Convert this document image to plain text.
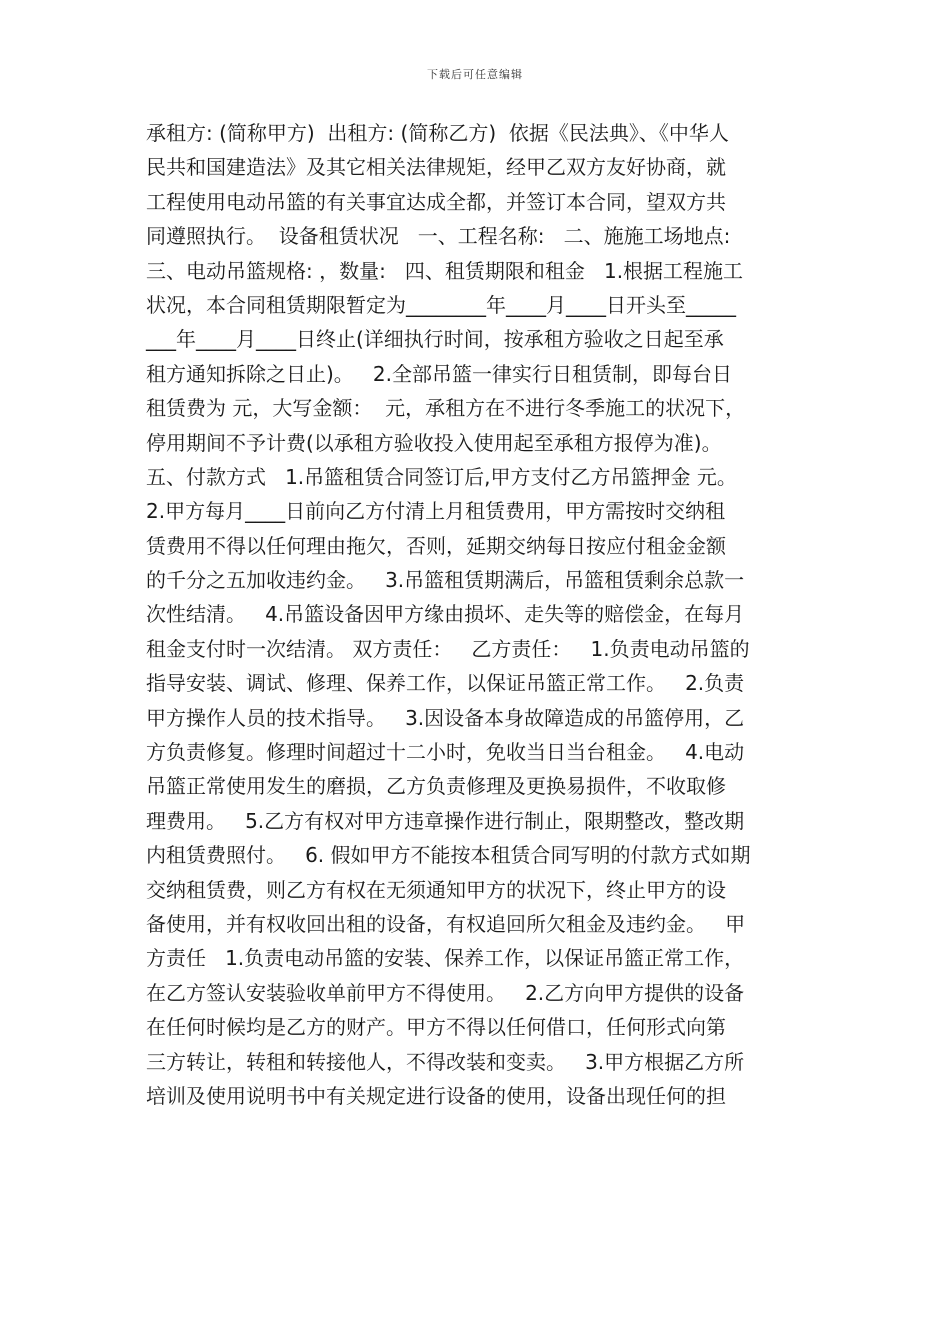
下载后可任意编辑
承租方: (简称甲方)  出租方: (简称乙方)  依据《民法典》、《中华人
民共和国建造法》及其它相关法律规矩，经甲乙双方友好协商，就
工程使用电动吊篮的有关事宜达成全都，并签订本合同，望双方共
同遵照执行。  设备租赁状况   一、工程名称:   二、施施工场地点:
三、电动吊篮规格: ，数量:   四、租赁期限和租金   1.根据工程施工
状况，本合同租赁期限暂定为________年____月____日开头至_____
___年____月____日终止(详细执行时间，按承租方验收之日起至承
租方通知拆除之日止)。   2.全部吊篮一律实行日租赁制，即每台日
租赁费为 元，大写金额：  元，承租方在不进行冬季施工的状况下，
停用期间不予计费(以承租方验收投入使用起至承租方报停为准)。
五、付款方式   1.吊篮租赁合同签订后,甲方支付乙方吊篮押金 元。
2.甲方每月____日前向乙方付清上月租赁费用，甲方需按时交纳租
赁费用不得以任何理由拖欠，否则，延期交纳每日按应付租金金额
的千分之五加收违约金。   3.吊篮租赁期满后，吊篮租赁剩余总款一
次性结清。   4.吊篮设备因甲方缘由损坏、走失等的赔偿金，在每月
租金支付时一次结清。 双方责任：   乙方责任：   1.负责电动吊篮的
指导安装、调试、修理、保养工作，以保证吊篮正常工作。   2.负责
甲方操作人员的技术指导。   3.因设备本身故障造成的吊篮停用，乙
方负责修复。修理时间超过十二小时，免收当日当台租金。   4.电动
吊篮正常使用发生的磨损，乙方负责修理及更换易损件，不收取修
理费用。   5.乙方有权对甲方违章操作进行制止，限期整改，整改期
内租赁费照付。   6. 假如甲方不能按本租赁合同写明的付款方式如期
交纳租赁费，则乙方有权在无须通知甲方的状况下，终止甲方的设
备使用，并有权收回出租的设备，有权追回所欠租金及违约金。   甲
方责任   1.负责电动吊篮的安装、保养工作，以保证吊篮正常工作，
在乙方签认安装验收单前甲方不得使用。   2.乙方向甲方提供的设备
在任何时候均是乙方的财产。甲方不得以任何借口，任何形式向第
三方转让，转租和转接他人，不得改装和变卖。   3.甲方根据乙方所
培训及使用说明书中有关规定进行设备的使用，设备出现任何的担
